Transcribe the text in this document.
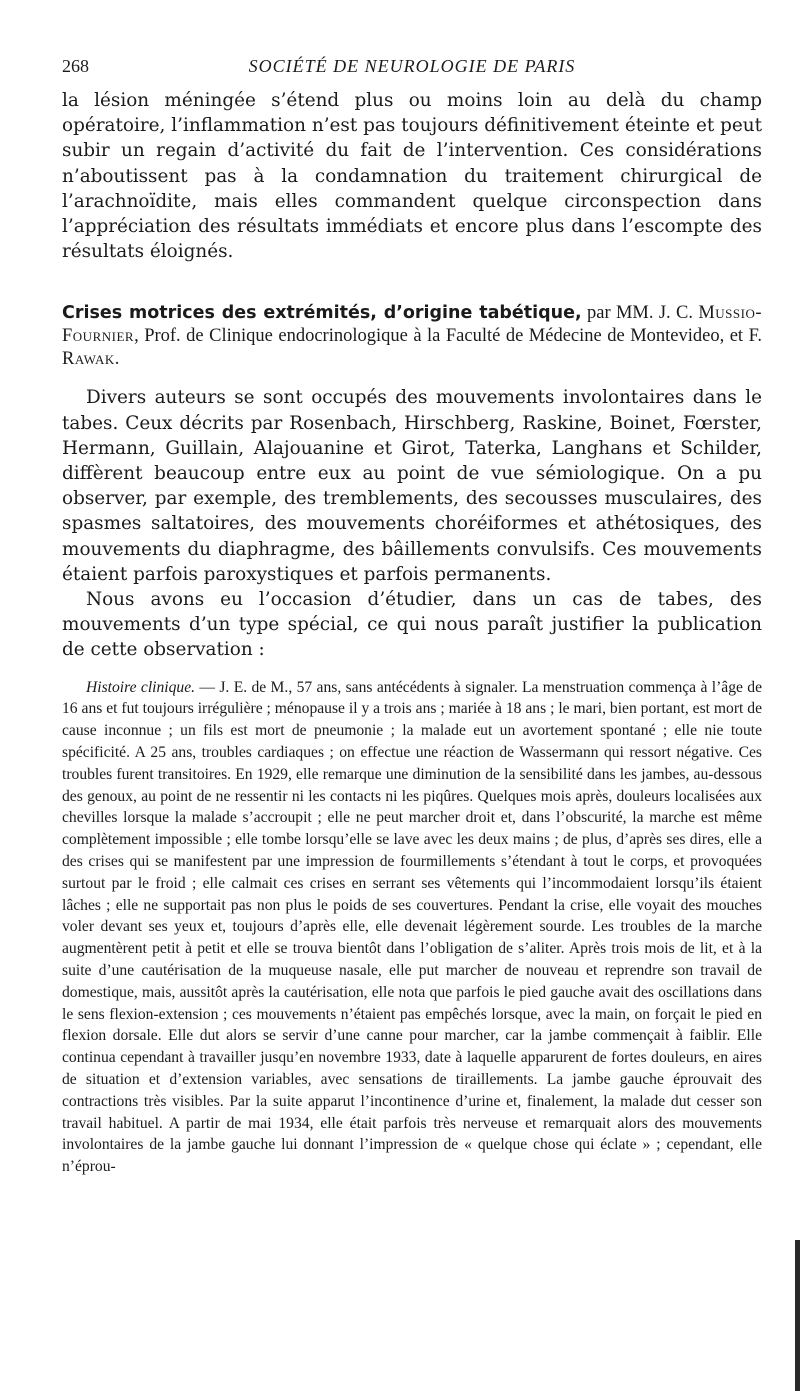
268	SOCIÉTÉ DE NEUROLOGIE DE PARIS

la lésion méningée s’étend plus ou moins loin au delà du champ opératoire, l’inflammation n’est pas toujours définitivement éteinte et peut subir un regain d’activité du fait de l’intervention. Ces considérations n’aboutissent pas à la condamnation du traitement chirurgical de l’arachnoïdite, mais elles commandent quelque circonspection dans l’appréciation des résultats immédiats et encore plus dans l’escompte des résultats éloignés.

Crises motrices des extrémités, d’origine tabétique, par MM. J. C. Mussio-Fournier, Prof. de Clinique endocrinologique à la Faculté de Médecine de Montevideo, et F. Rawak.

Divers auteurs se sont occupés des mouvements involontaires dans le tabes. Ceux décrits par Rosenbach, Hirschberg, Raskine, Boinet, Fœrster, Hermann, Guillain, Alajouanine et Girot, Taterka, Langhans et Schilder, diffèrent beaucoup entre eux au point de vue sémiologique. On a pu observer, par exemple, des tremblements, des secousses musculaires, des spasmes saltatoires, des mouvements choréiformes et athétosiques, des mouvements du diaphragme, des bâillements convulsifs. Ces mouvements étaient parfois paroxystiques et parfois permanents.

Nous avons eu l’occasion d’étudier, dans un cas de tabes, des mouvements d’un type spécial, ce qui nous paraît justifier la publication de cette observation :

Histoire clinique. — J. E. de M., 57 ans, sans antécédents à signaler. La menstruation commença à l’âge de 16 ans et fut toujours irrégulière ; ménopause il y a trois ans ; mariée à 18 ans ; le mari, bien portant, est mort de cause inconnue ; un fils est mort de pneumonie ; la malade eut un avortement spontané ; elle nie toute spécificité. A 25 ans, troubles cardiaques ; on effectue une réaction de Wassermann qui ressort négative. Ces troubles furent transitoires. En 1929, elle remarque une diminution de la sensibilité dans les jambes, au-dessous des genoux, au point de ne ressentir ni les contacts ni les piqûres. Quelques mois après, douleurs localisées aux chevilles lorsque la malade s’accroupit ; elle ne peut marcher droit et, dans l’obscurité, la marche est même complètement impossible ; elle tombe lorsqu’elle se lave avec les deux mains ; de plus, d’après ses dires, elle a des crises qui se manifestent par une impression de fourmillements s’étendant à tout le corps, et provoquées surtout par le froid ; elle calmait ces crises en serrant ses vêtements qui l’incommodaient lorsqu’ils étaient lâches ; elle ne supportait pas non plus le poids de ses couvertures. Pendant la crise, elle voyait des mouches voler devant ses yeux et, toujours d’après elle, elle devenait légèrement sourde. Les troubles de la marche augmentèrent petit à petit et elle se trouva bientôt dans l’obligation de s’aliter. Après trois mois de lit, et à la suite d’une cautérisation de la muqueuse nasale, elle put marcher de nouveau et reprendre son travail de domestique, mais, aussitôt après la cautérisation, elle nota que parfois le pied gauche avait des oscillations dans le sens flexion-extension ; ces mouvements n’étaient pas empêchés lorsque, avec la main, on forçait le pied en flexion dorsale. Elle dut alors se servir d’une canne pour marcher, car la jambe commençait à faiblir. Elle continua cependant à travailler jusqu’en novembre 1933, date à laquelle apparurent de fortes douleurs, en aires de situation et d’extension variables, avec sensations de tiraillements. La jambe gauche éprouvait des contractions très visibles. Par la suite apparut l’incontinence d’urine et, finalement, la malade dut cesser son travail habituel. A partir de mai 1934, elle était parfois très nerveuse et remarquait alors des mouvements involontaires de la jambe gauche lui donnant l’impression de « quelque chose qui éclate » ; cependant, elle n’éprou-
